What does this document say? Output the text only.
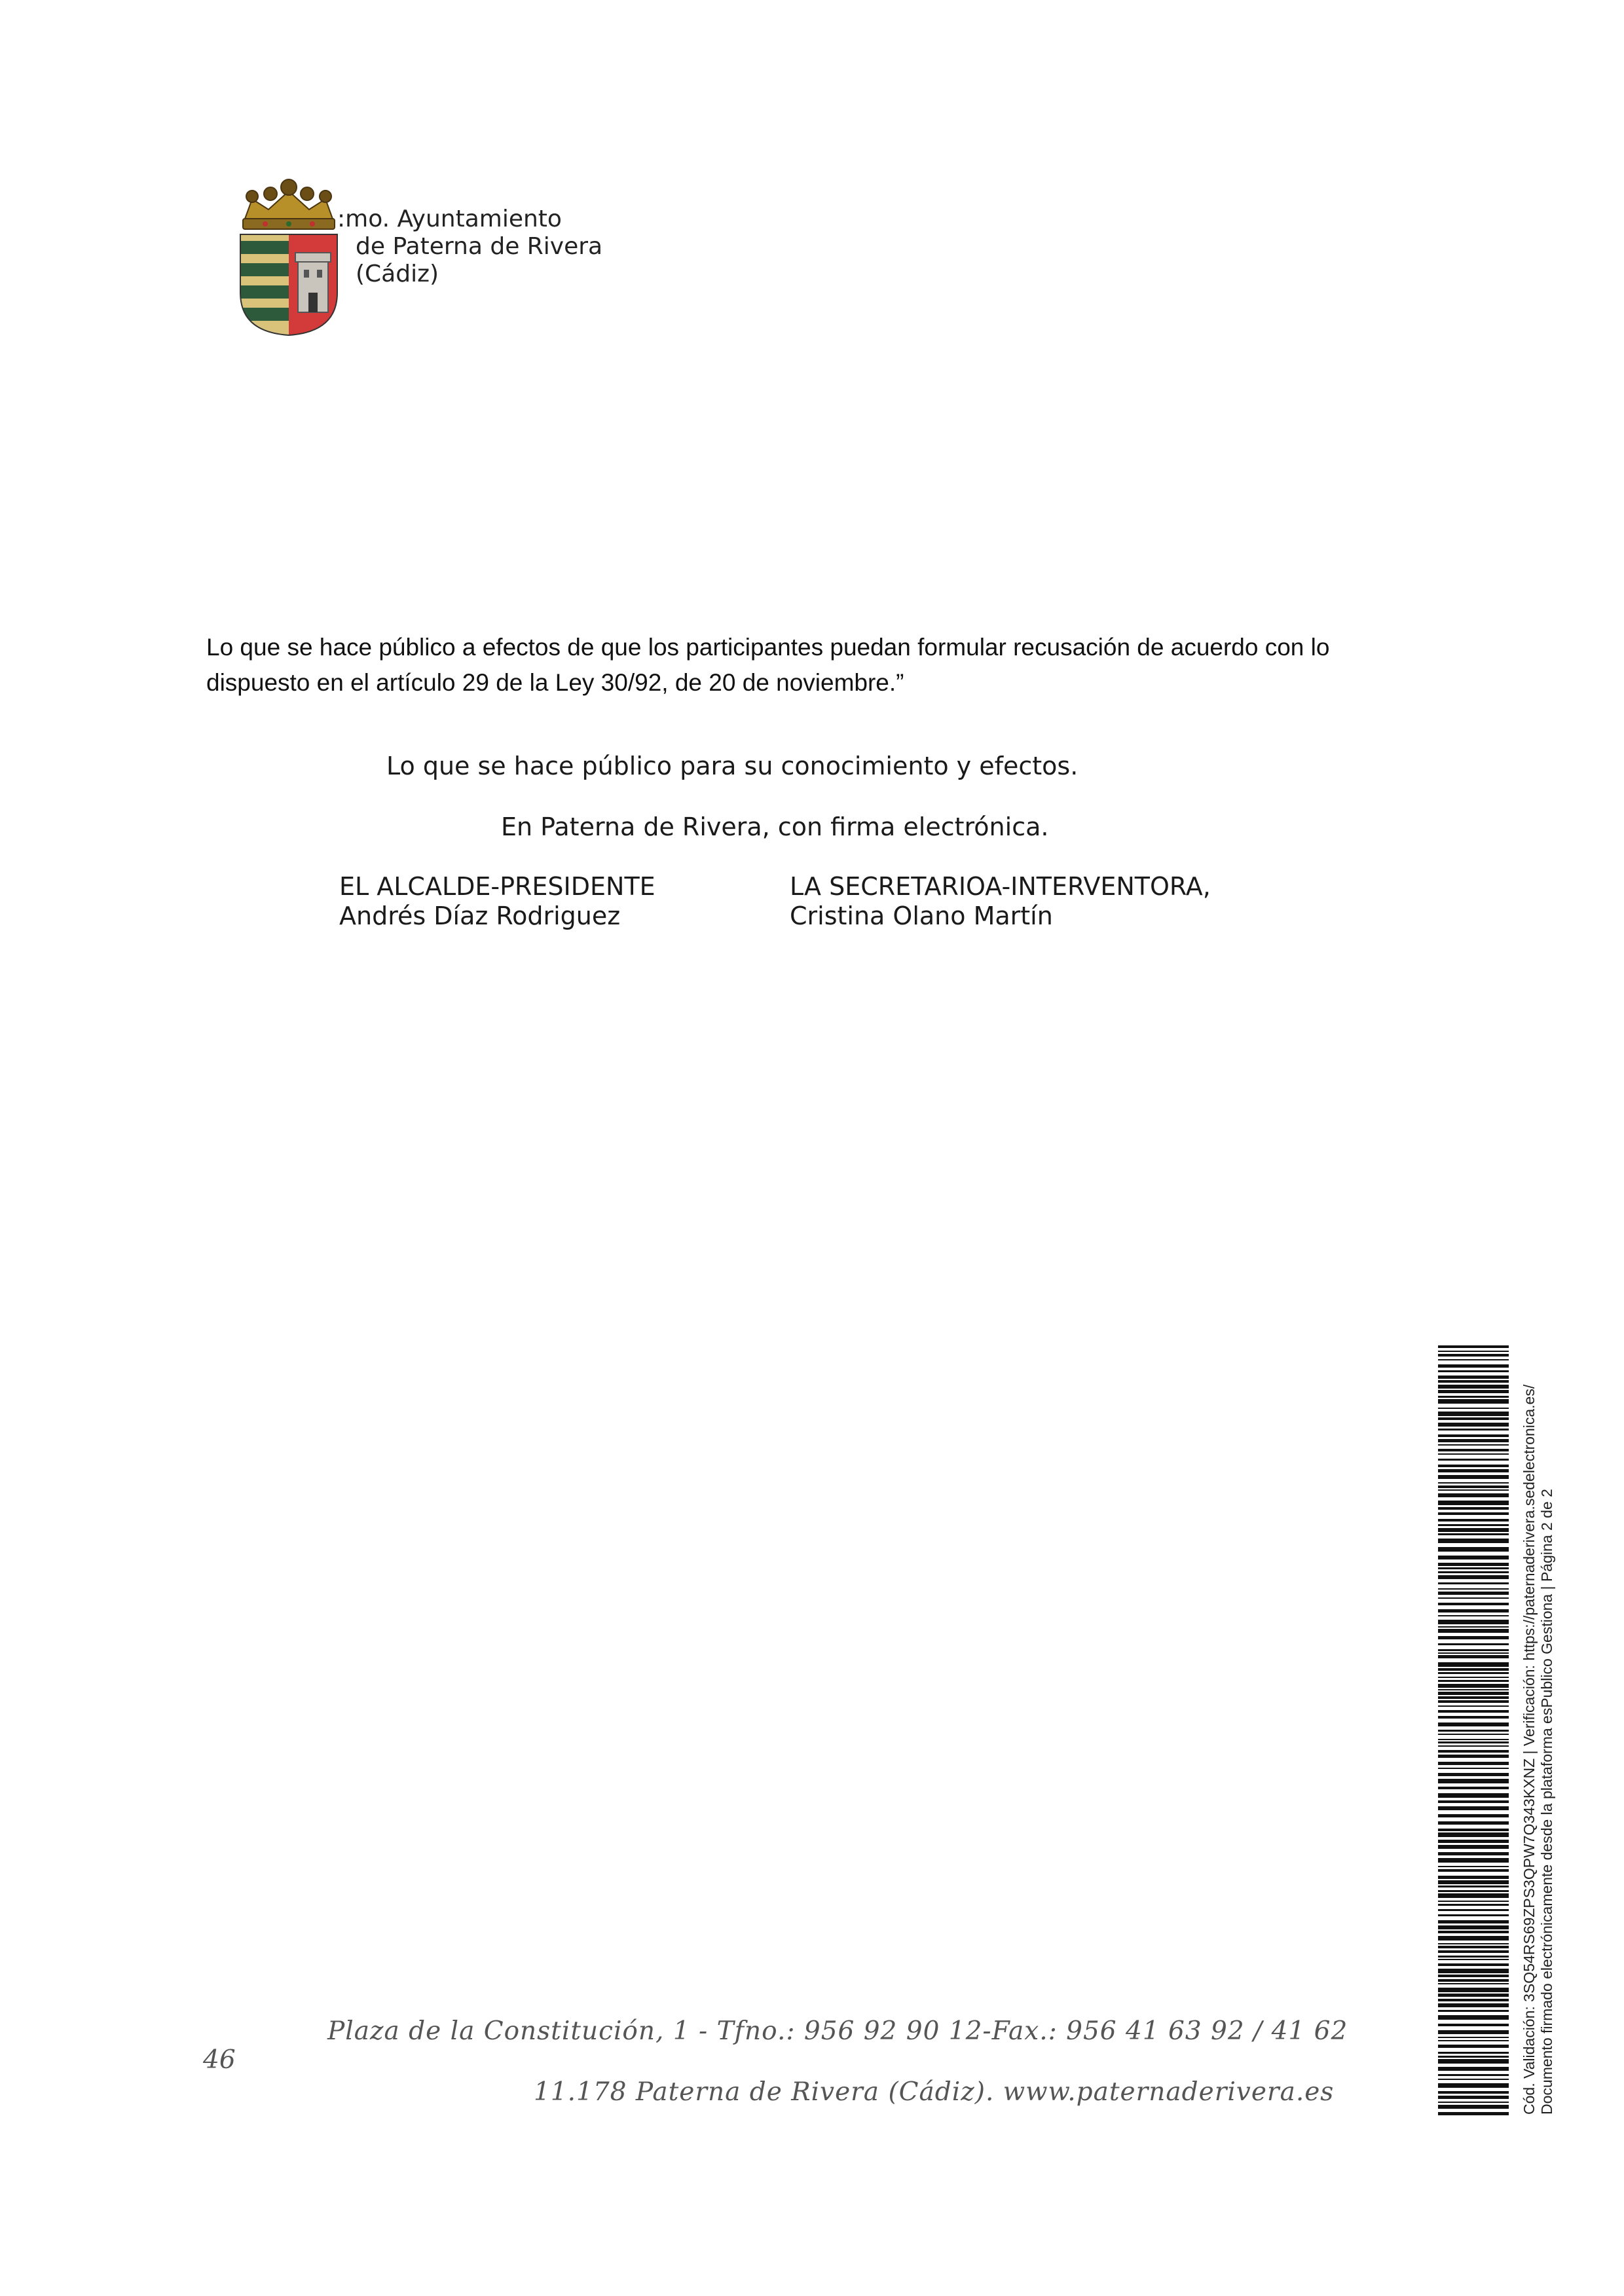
:mo. Ayuntamiento
de Paterna de Rivera
(Cádiz)
Lo que se hace público a efectos de que los participantes puedan formular recusación de acuerdo con lo dispuesto en el artículo 29 de la Ley 30/92, de 20 de noviembre.”
Lo que se hace público para su conocimiento y efectos.
En Paterna de Rivera, con firma electrónica.
EL ALCALDE-PRESIDENTE
Andrés Díaz Rodriguez
LA SECRETARIOA-INTERVENTORA,
Cristina Olano Martín
46
Plaza de la Constitución, 1 - Tfno.: 956 92 90 12-Fax.: 956 41 63 92 / 41 62
11.178 Paterna de Rivera (Cádiz). www.paternaderivera.es	Cód. Validación: 3SQ54RS69ZPS3QPW7Q343KXNZ | Verificación: https://paternaderivera.sedelectronica.es/ Documento firmado electrónicamente desde la plataforma esPublico Gestiona | Página 2 de 2
